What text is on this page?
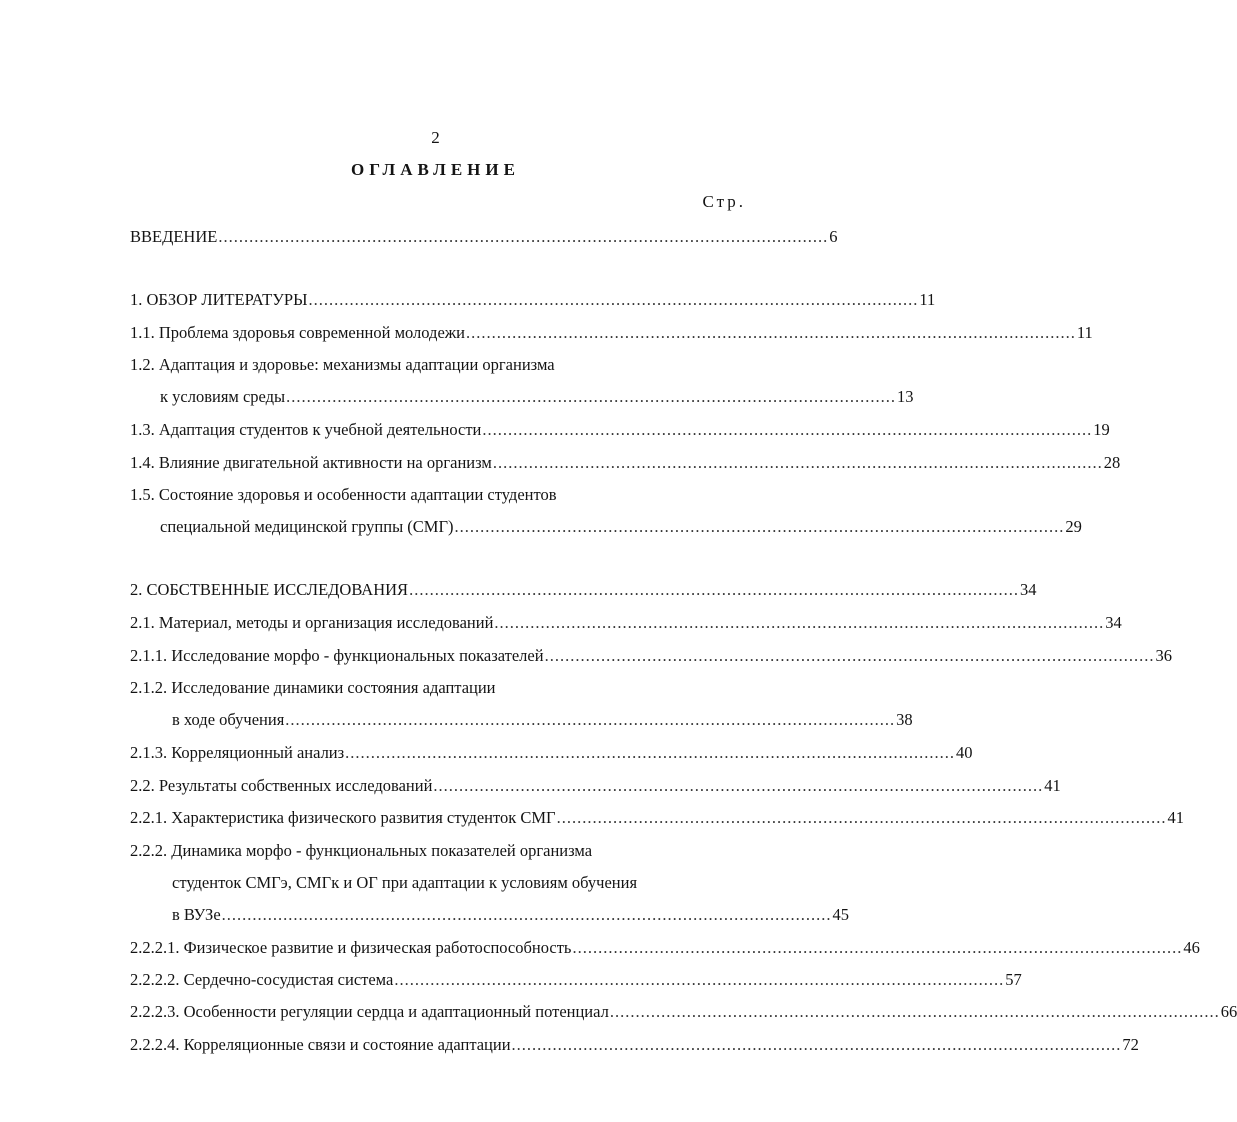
2
ОГЛАВЛЕНИЕ
Стр.
ВВЕДЕНИЕ ....................................................................................................................... 6
1. ОБЗОР ЛИТЕРАТУРЫ ....................................................................................................................... 11
1.1. Проблема здоровья современной молодежи ....................................................................................................................... 11
1.2. Адаптация и здоровье: механизмы адаптации организма
к условиям среды ....................................................................................................................... 13
1.3. Адаптация студентов к учебной деятельности ....................................................................................................................... 19
1.4. Влияние двигательной активности на организм ....................................................................................................................... 28
1.5. Состояние здоровья и особенности адаптации студентов
специальной медицинской группы (СМГ) ....................................................................................................................... 29
2. СОБСТВЕННЫЕ ИССЛЕДОВАНИЯ ....................................................................................................................... 34
2.1. Материал, методы и организация исследований ....................................................................................................................... 34
2.1.1. Исследование морфо - функциональных показателей ....................................................................................................................... 36
2.1.2. Исследование динамики состояния адаптации
в ходе обучения ....................................................................................................................... 38
2.1.3. Корреляционный анализ ....................................................................................................................... 40
2.2. Результаты собственных исследований ....................................................................................................................... 41
2.2.1. Характеристика физического развития студенток СМГ ....................................................................................................................... 41
2.2.2. Динамика морфо - функциональных показателей организма
студенток СМГэ, СМГк и ОГ при адаптации к условиям обучения
в ВУЗе ....................................................................................................................... 45
2.2.2.1. Физическое развитие и физическая работоспособность ....................................................................................................................... 46
2.2.2.2. Сердечно-сосудистая система ....................................................................................................................... 57
2.2.2.3. Особенности регуляции сердца и адаптационный потенциал ....................................................................................................................... 66
2.2.2.4. Корреляционные связи и состояние адаптации ....................................................................................................................... 72
